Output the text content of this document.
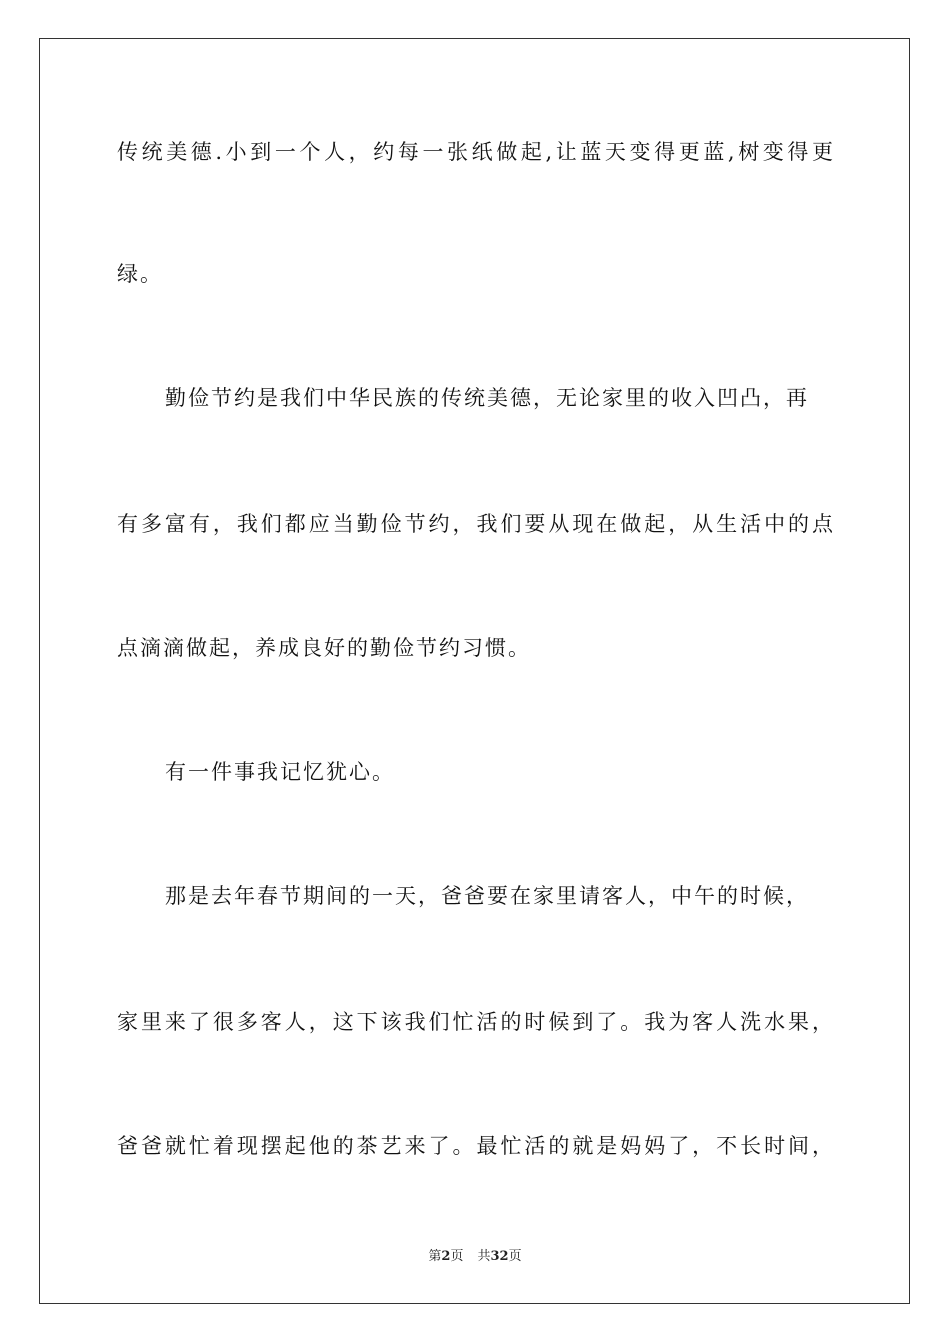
传统美德.小到一个人，约每一张纸做起,让蓝天变得更蓝,树变得更
绿。
勤俭节约是我们中华民族的传统美德，无论家里的收入凹凸，再
有多富有，我们都应当勤俭节约，我们要从现在做起，从生活中的点
点滴滴做起，养成良好的勤俭节约习惯。
有一件事我记忆犹心。
那是去年春节期间的一天，爸爸要在家里请客人，中午的时候，
家里来了很多客人，这下该我们忙活的时候到了。我为客人洗水果，
爸爸就忙着现摆起他的茶艺来了。最忙活的就是妈妈了，不长时间，
第2页 共32页
